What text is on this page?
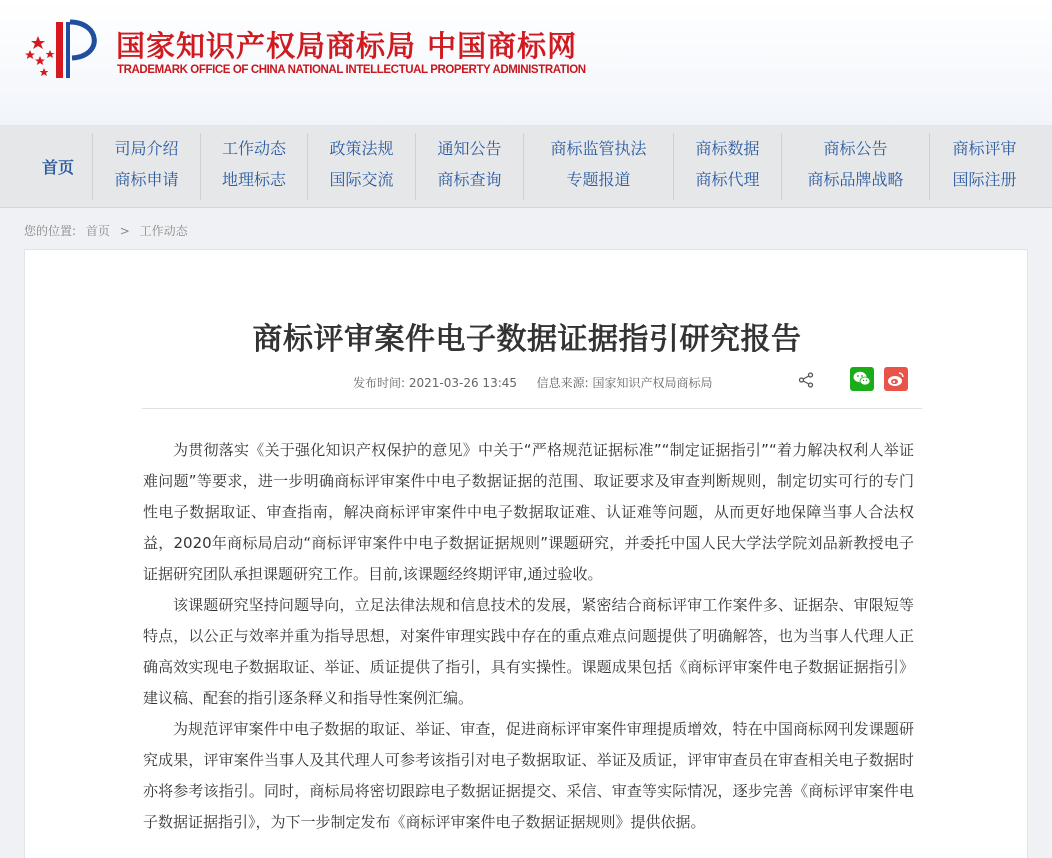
国家知识产权局商标局 中国商标网
TRADEMARK OFFICE OF CHINA NATIONAL INTELLECTUAL PROPERTY ADMINISTRATION
首页
司局介绍
商标申请
工作动态
地理标志
政策法规
国际交流
通知公告
商标查询
商标监管执法
专题报道
商标数据
商标代理
商标公告
商标品牌战略
商标评审
国际注册
您的位置: 首页 > 工作动态
商标评审案件电子数据证据指引研究报告
发布时间: 2021-03-26 13:45 信息来源: 国家知识产权局商标局

为贯彻落实《关于强化知识产权保护的意见》中关于“严格规范证据标准”“制定证据指引”“着力解决权利人举证难问题”等要求，进一步明确商标评审案件中电子数据证据的范围、取证要求及审查判断规则，制定切实可行的专门性电子数据取证、审查指南，解决商标评审案件中电子数据取证难、认证难等问题，从而更好地保障当事人合法权益，2020年商标局启动“商标评审案件中电子数据证据规则”课题研究，并委托中国人民大学法学院刘品新教授电子证据研究团队承担课题研究工作。目前,该课题经终期评审,通过验收。

该课题研究坚持问题导向，立足法律法规和信息技术的发展，紧密结合商标评审工作案件多、证据杂、审限短等特点，以公正与效率并重为指导思想，对案件审理实践中存在的重点难点问题提供了明确解答，也为当事人代理人正确高效实现电子数据取证、举证、质证提供了指引，具有实操性。课题成果包括《商标评审案件电子数据证据指引》建议稿、配套的指引逐条释义和指导性案例汇编。

为规范评审案件中电子数据的取证、举证、审查，促进商标评审案件审理提质增效，特在中国商标网刊发课题研究成果，评审案件当事人及其代理人可参考该指引对电子数据取证、举证及质证，评审审查员在审查相关电子数据时亦将参考该指引。同时，商标局将密切跟踪电子数据证据提交、采信、审查等实际情况，逐步完善《商标评审案件电子数据证据指引》，为下一步制定发布《商标评审案件电子数据证据规则》提供依据。
